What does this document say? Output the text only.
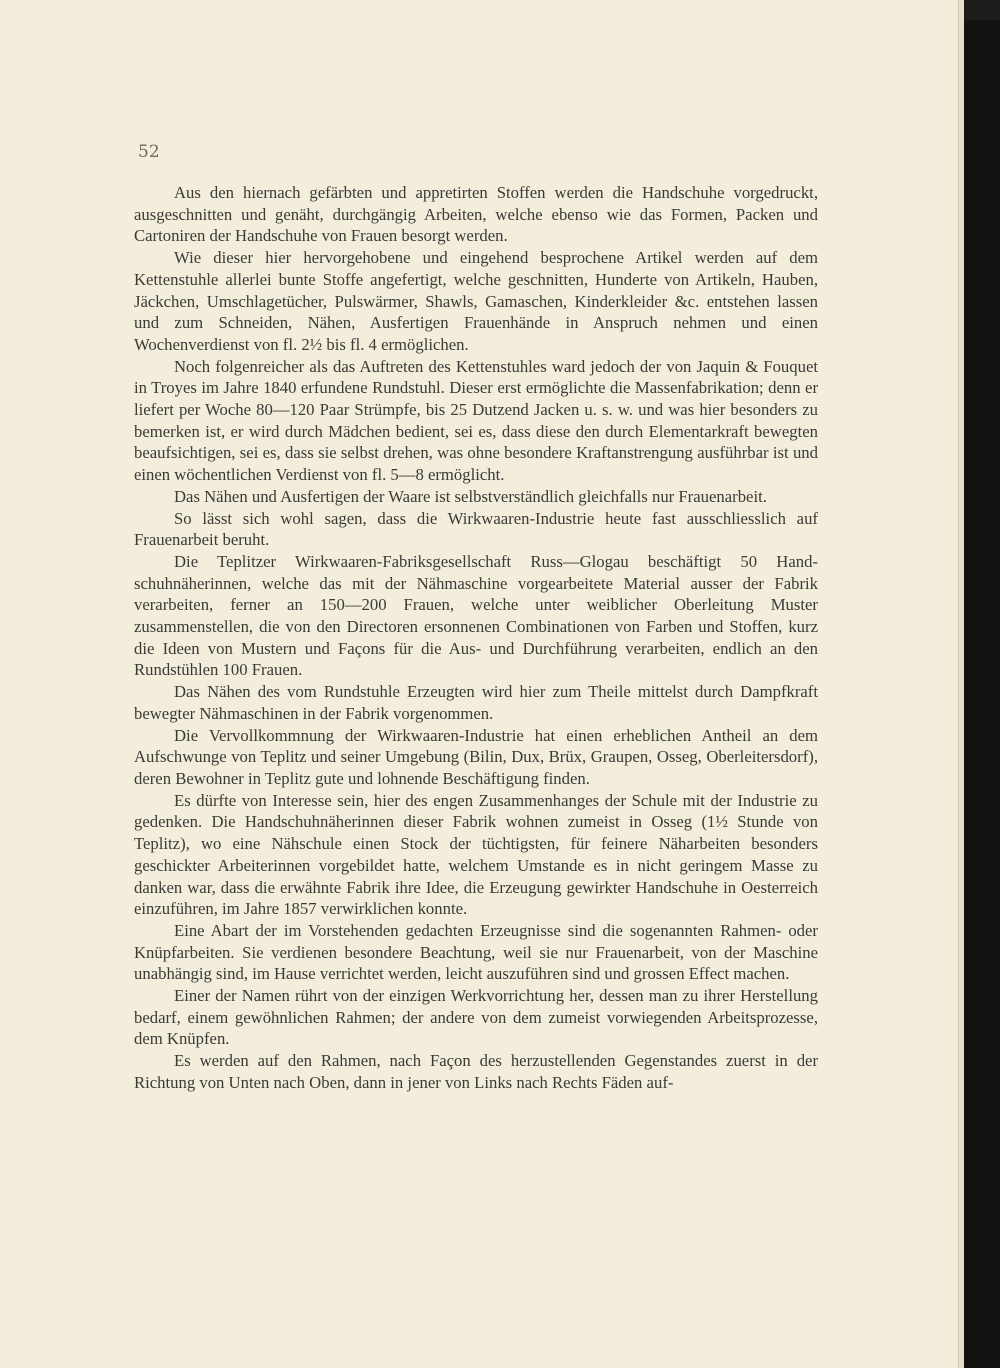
52

Aus den hiernach gefärbten und appretirten Stoffen werden die Handschuhe vorgedruckt, ausgeschnitten und genäht, durchgängig Arbeiten, welche ebenso wie das Formen, Packen und Cartoniren der Handschuhe von Frauen besorgt werden.

Wie dieser hier hervorgehobene und eingehend besprochene Artikel werden auf dem Kettenstuhle allerlei bunte Stoffe angefertigt, welche geschnitten, Hunderte von Artikeln, Hauben, Jäckchen, Umschlagetücher, Pulswärmer, Shawls, Gamaschen, Kinderkleider &c. entstehen lassen und zum Schneiden, Nähen, Ausfertigen Frauenhände in Anspruch nehmen und einen Wochenverdienst von fl. 2½ bis fl. 4 ermöglichen.

Noch folgenreicher als das Auftreten des Kettenstuhles ward jedoch der von Jaquin & Fouquet in Troyes im Jahre 1840 erfundene Rundstuhl. Dieser erst ermöglichte die Massenfabrikation; denn er liefert per Woche 80—120 Paar Strümpfe, bis 25 Dutzend Jacken u. s. w. und was hier besonders zu bemerken ist, er wird durch Mädchen bedient, sei es, dass diese den durch Elementarkraft bewegten beaufsichtigen, sei es, dass sie selbst drehen, was ohne besondere Kraftanstrengung ausführbar ist und einen wöchentlichen Verdienst von fl. 5—8 ermöglicht.

Das Nähen und Ausfertigen der Waare ist selbstverständlich gleichfalls nur Frauenarbeit.

So lässt sich wohl sagen, dass die Wirkwaaren-Industrie heute fast ausschliesslich auf Frauenarbeit beruht.

Die Teplitzer Wirkwaaren-Fabriksgesellschaft Russ—Glogau beschäftigt 50 Handschuhnäherinnen, welche das mit der Nähmaschine vorgearbeitete Material ausser der Fabrik verarbeiten, ferner an 150—200 Frauen, welche unter weiblicher Oberleitung Muster zusammenstellen, die von den Directoren ersonnenen Combinationen von Farben und Stoffen, kurz die Ideen von Mustern und Façons für die Aus- und Durchführung verarbeiten, endlich an den Rundstühlen 100 Frauen.

Das Nähen des vom Rundstuhle Erzeugten wird hier zum Theile mittelst durch Dampfkraft bewegter Nähmaschinen in der Fabrik vorgenommen.

Die Vervollkommnung der Wirkwaaren-Industrie hat einen erheblichen Antheil an dem Aufschwunge von Teplitz und seiner Umgebung (Bilin, Dux, Brüx, Graupen, Osseg, Oberleitersdorf), deren Bewohner in Teplitz gute und lohnende Beschäftigung finden.

Es dürfte von Interesse sein, hier des engen Zusammenhanges der Schule mit der Industrie zu gedenken. Die Handschuhnäherinnen dieser Fabrik wohnen zumeist in Osseg (1½ Stunde von Teplitz), wo eine Nähschule einen Stock der tüchtigsten, für feinere Näharbeiten besonders geschickter Arbeiterinnen vorgebildet hatte, welchem Umstande es in nicht geringem Masse zu danken war, dass die erwähnte Fabrik ihre Idee, die Erzeugung gewirkter Handschuhe in Oesterreich einzuführen, im Jahre 1857 verwirklichen konnte.

Eine Abart der im Vorstehenden gedachten Erzeugnisse sind die sogenannten Rahmen- oder Knüpfarbeiten. Sie verdienen besondere Beachtung, weil sie nur Frauenarbeit, von der Maschine unabhängig sind, im Hause verrichtet werden, leicht auszuführen sind und grossen Effect machen.

Einer der Namen rührt von der einzigen Werkvorrichtung her, dessen man zu ihrer Herstellung bedarf, einem gewöhnlichen Rahmen; der andere von dem zumeist vorwiegenden Arbeitsprozesse, dem Knüpfen.

Es werden auf den Rahmen, nach Façon des herzustellenden Gegenstandes zuerst in der Richtung von Unten nach Oben, dann in jener von Links nach Rechts Fäden auf-
